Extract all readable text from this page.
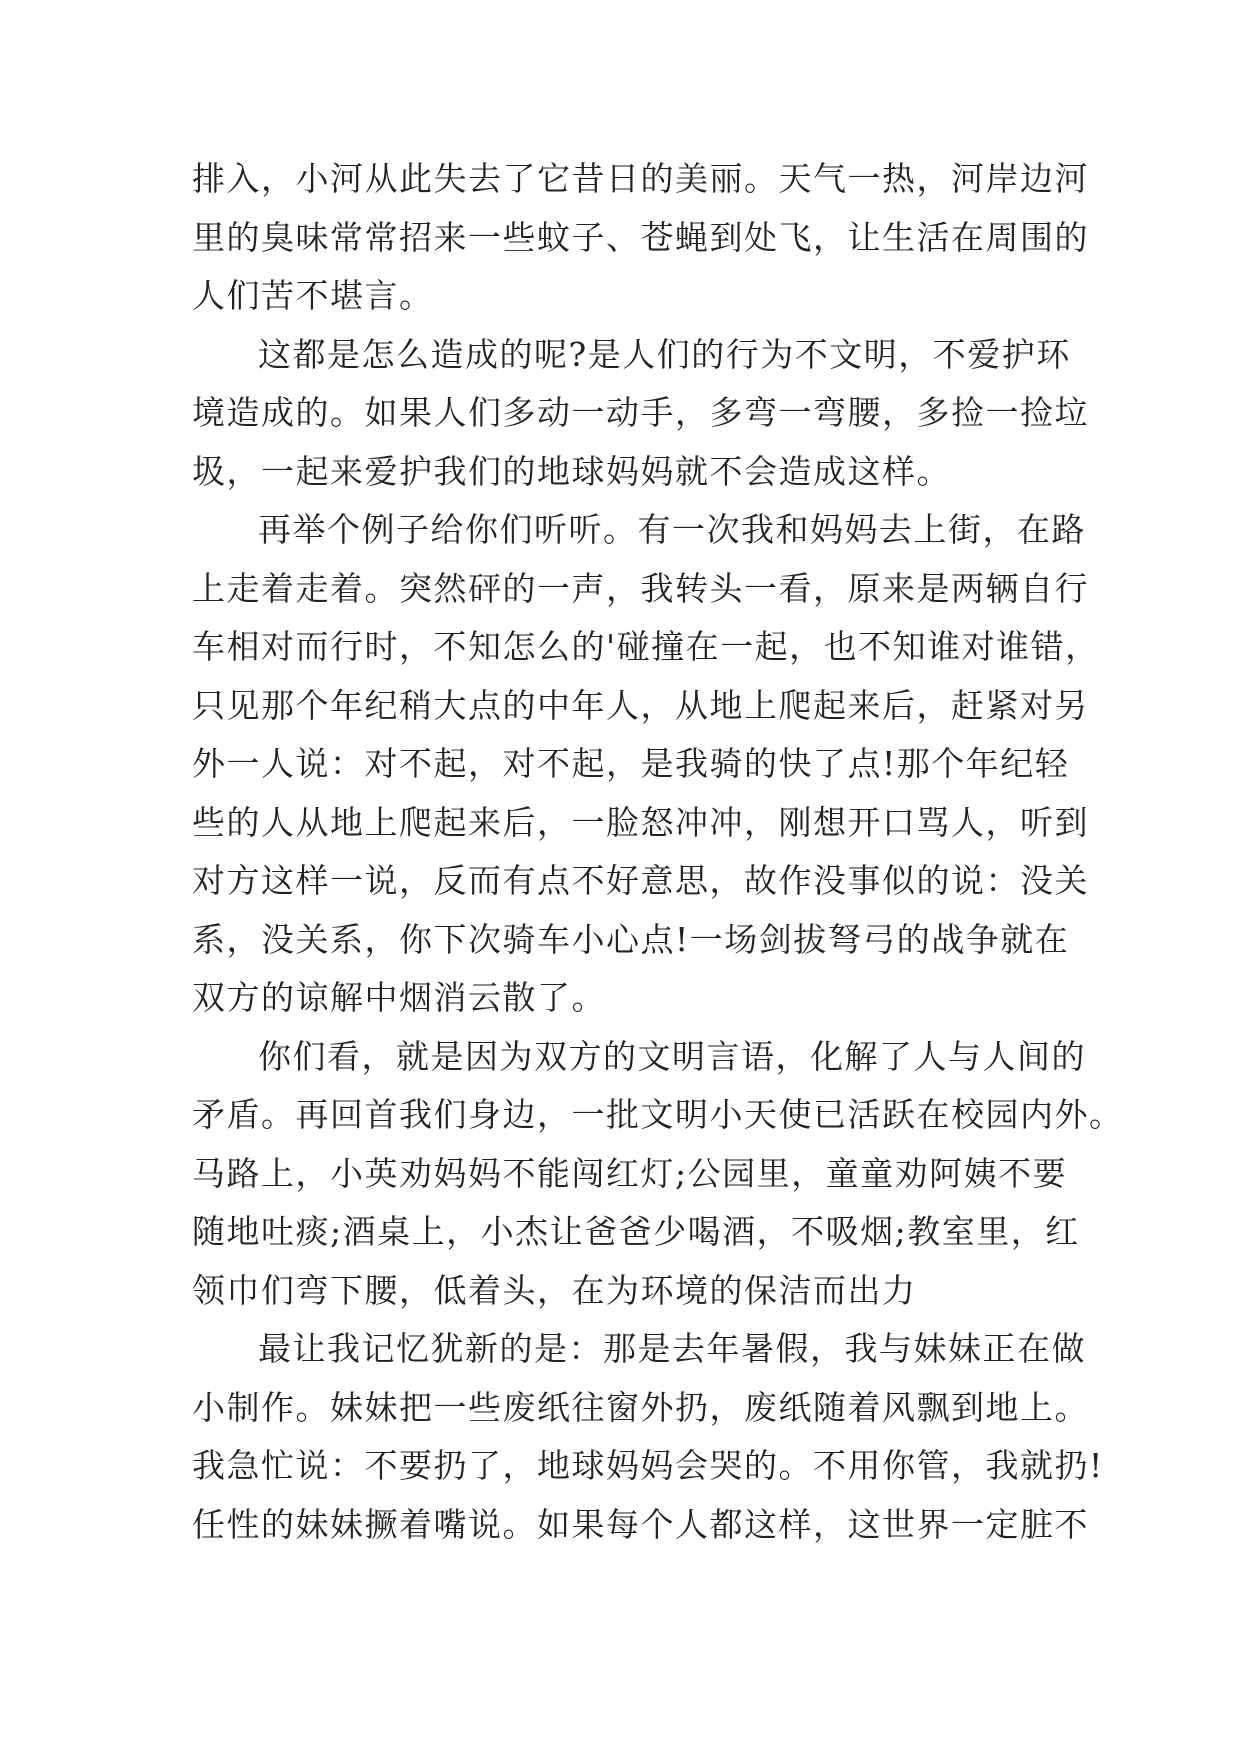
排入，小河从此失去了它昔日的美丽。天气一热，河岸边河
里的臭味常常招来一些蚊子、苍蝇到处飞，让生活在周围的
人们苦不堪言。
这都是怎么造成的呢?是人们的行为不文明，不爱护环
境造成的。如果人们多动一动手，多弯一弯腰，多捡一捡垃
圾，一起来爱护我们的地球妈妈就不会造成这样。
再举个例子给你们听听。有一次我和妈妈去上街，在路
上走着走着。突然砰的一声，我转头一看，原来是两辆自行
车相对而行时，不知怎么的'碰撞在一起，也不知谁对谁错，
只见那个年纪稍大点的中年人，从地上爬起来后，赶紧对另
外一人说：对不起，对不起，是我骑的快了点!那个年纪轻
些的人从地上爬起来后，一脸怒冲冲，刚想开口骂人，听到
对方这样一说，反而有点不好意思，故作没事似的说：没关
系，没关系，你下次骑车小心点!一场剑拔弩弓的战争就在
双方的谅解中烟消云散了。
你们看，就是因为双方的文明言语，化解了人与人间的
矛盾。再回首我们身边，一批文明小天使已活跃在校园内外。
马路上，小英劝妈妈不能闯红灯;公园里，童童劝阿姨不要
随地吐痰;酒桌上，小杰让爸爸少喝酒，不吸烟;教室里，红
领巾们弯下腰，低着头，在为环境的保洁而出力
最让我记忆犹新的是：那是去年暑假，我与妹妹正在做
小制作。妹妹把一些废纸往窗外扔，废纸随着风飘到地上。
我急忙说：不要扔了，地球妈妈会哭的。不用你管，我就扔!
任性的妹妹撅着嘴说。如果每个人都这样，这世界一定脏不
